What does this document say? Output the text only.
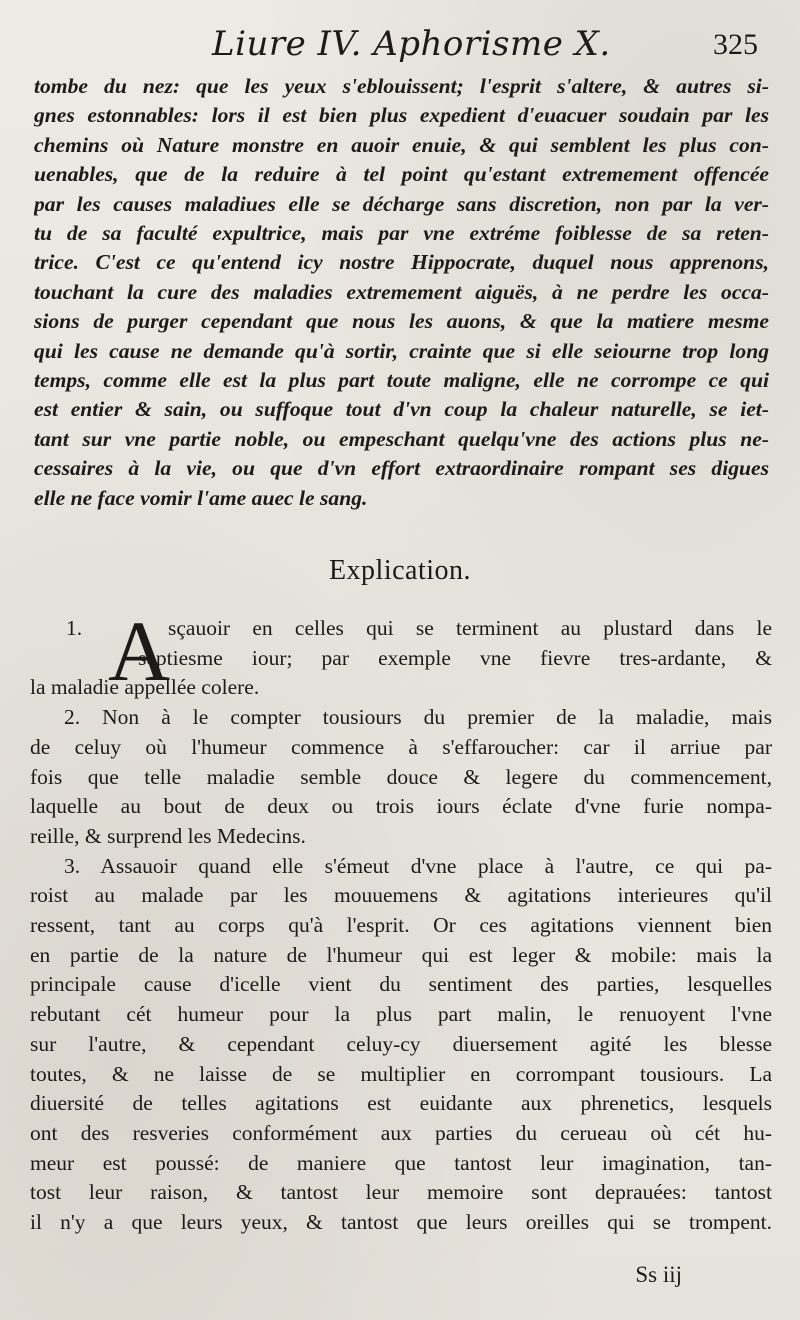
Liure IV. Aphorisme X.	325
tombe du nez: que les yeux s'eblouissent; l'esprit s'altere, & autres si-
gnes estonnables: lors il est bien plus expedient d'euacuer soudain par les
chemins où Nature monstre en auoir enuie, & qui semblent les plus con-
uenables, que de la reduire à tel point qu'estant extremement offencée
par les causes maladiues elle se décharge sans discretion, non par la ver-
tu de sa faculté expultrice, mais par vne extréme foiblesse de sa reten-
trice. C'est ce qu'entend icy nostre Hippocrate, duquel nous apprenons,
touchant la cure des maladies extremement aiguës, à ne perdre les occa-
sions de purger cependant que nous les auons, & que la matiere mesme
qui les cause ne demande qu'à sortir, crainte que si elle seiourne trop long
temps, comme elle est la plus part toute maligne, elle ne corrompe ce qui
est entier & sain, ou suffoque tout d'vn coup la chaleur naturelle, se iet-
tant sur vne partie noble, ou empeschant quelqu'vne des actions plus ne-
cessaires à la vie, ou que d'vn effort extraordinaire rompant ses digues
elle ne face vomir l'ame auec le sang.
Explication.
A
1.	sçauoir en celles qui se terminent au plustard dans le
septiesme iour; par exemple vne fievre tres-ardante, &
la maladie appellée colere.
2. Non à le compter tousiours du premier de la maladie, mais
de celuy où l'humeur commence à s'effaroucher: car il arriue par
fois que telle maladie semble douce & legere du commencement,
laquelle au bout de deux ou trois iours éclate d'vne furie nompa-
reille, & surprend les Medecins.
3. Assauoir quand elle s'émeut d'vne place à l'autre, ce qui pa-
roist au malade par les mouuemens & agitations interieures qu'il
ressent, tant au corps qu'à l'esprit. Or ces agitations viennent bien
en partie de la nature de l'humeur qui est leger & mobile: mais la
principale cause d'icelle vient du sentiment des parties, lesquelles
rebutant cét humeur pour la plus part malin, le renuoyent l'vne
sur l'autre, & cependant celuy-cy diuersement agité les blesse
toutes, & ne laisse de se multiplier en corrompant tousiours. La
diuersité de telles agitations est euidante aux phrenetics, lesquels
ont des resveries conformément aux parties du cerueau où cét hu-
meur est poussé: de maniere que tantost leur imagination, tan-
tost leur raison, & tantost leur memoire sont deprauées: tantost
il n'y a que leurs yeux, & tantost que leurs oreilles qui se trompent.
Ss iij
